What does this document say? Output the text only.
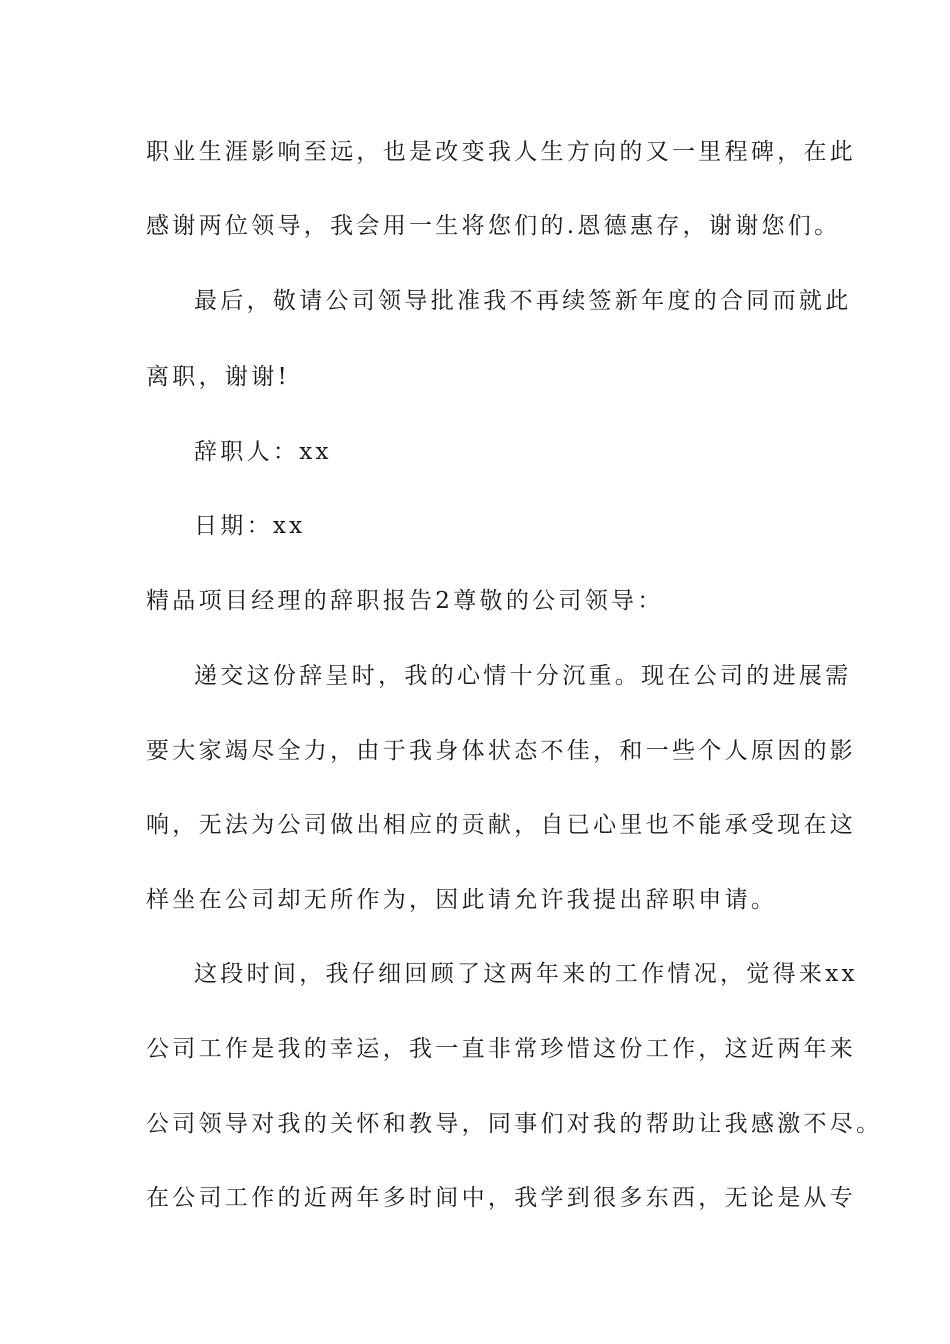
职业生涯影响至远，也是改变我人生方向的又一里程碑，在此
感谢两位领导，我会用一生将您们的.恩德惠存，谢谢您们。
最后，敬请公司领导批准我不再续签新年度的合同而就此
离职，谢谢!
辞职人：xx
日期：xx
精品项目经理的辞职报告2尊敬的公司领导：
递交这份辞呈时，我的心情十分沉重。现在公司的进展需
要大家竭尽全力，由于我身体状态不佳，和一些个人原因的影
响，无法为公司做出相应的贡献，自已心里也不能承受现在这
样坐在公司却无所作为，因此请允许我提出辞职申请。
这段时间，我仔细回顾了这两年来的工作情况，觉得来xx
公司工作是我的幸运，我一直非常珍惜这份工作，这近两年来
公司领导对我的关怀和教导，同事们对我的帮助让我感激不尽。
在公司工作的近两年多时间中，我学到很多东西，无论是从专
